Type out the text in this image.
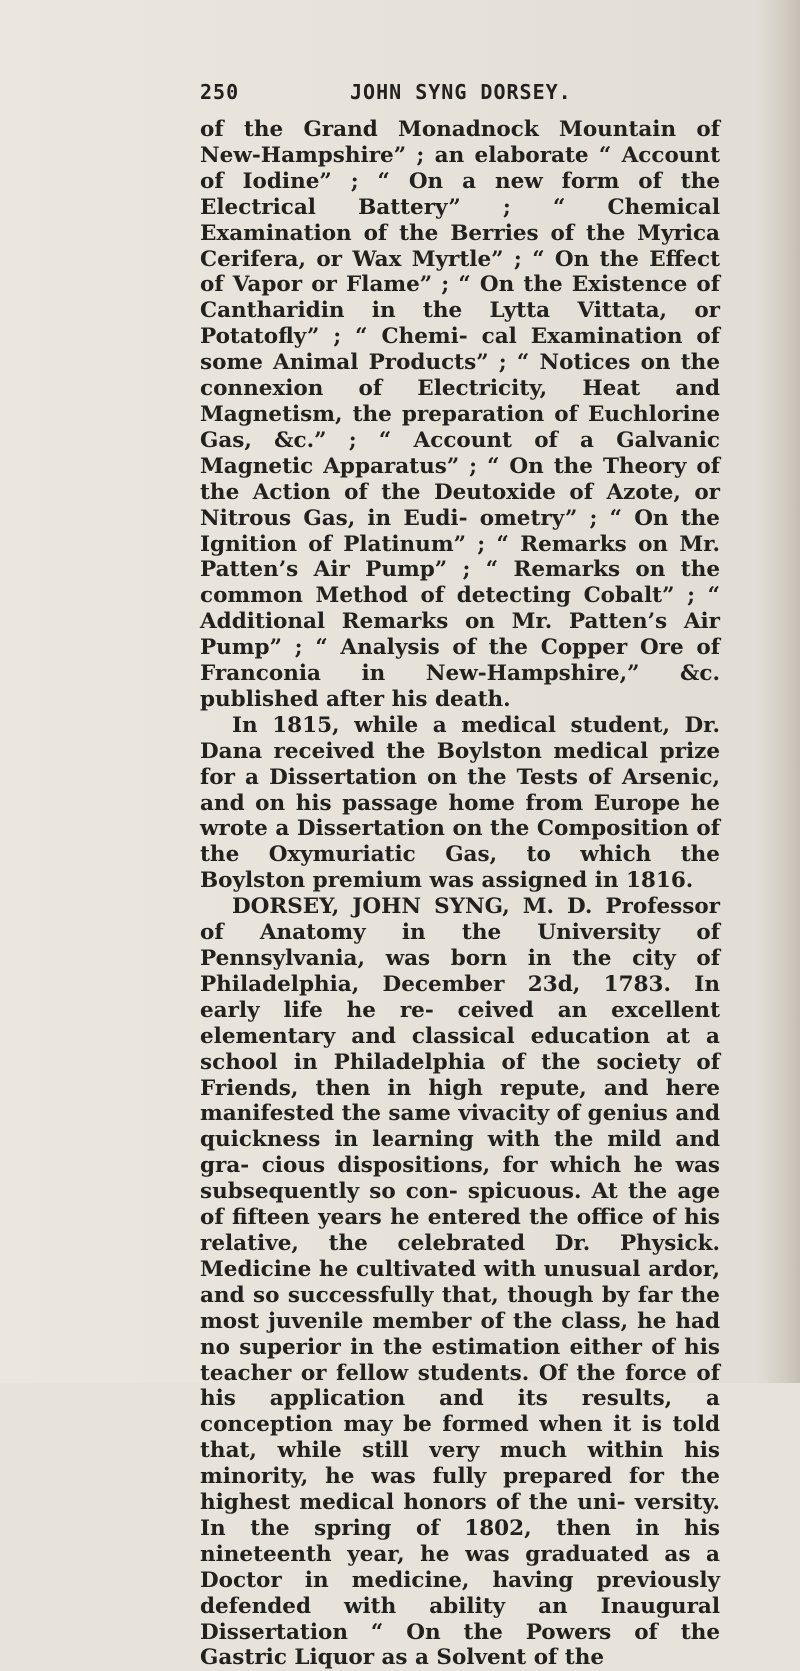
250	JOHN SYNG DORSEY.

of the Grand Monadnock Mountain of New-Hampshire” ; an elaborate “ Account of Iodine” ; “ On a new form of the Electrical Battery” ; “ Chemical Examination of the Berries of the Myrica Cerifera, or Wax Myrtle” ; “ On the Effect of Vapor or Flame” ; “ On the Existence of Cantharidin in the Lytta Vittata, or Potatofly” ; “ Chemi- cal Examination of some Animal Products” ; “ Notices on the connexion of Electricity, Heat and Magnetism, the preparation of Euchlorine Gas, &c.” ; “ Account of a Galvanic Magnetic Apparatus” ; “ On the Theory of the Action of the Deutoxide of Azote, or Nitrous Gas, in Eudi- ometry” ; “ On the Ignition of Platinum” ; “ Remarks on Mr. Patten’s Air Pump” ; “ Remarks on the common Method of detecting Cobalt” ; “ Additional Remarks on Mr. Patten’s Air Pump” ; “ Analysis of the Copper Ore of Franconia in New-Hampshire,” &c. published after his death.

In 1815, while a medical student, Dr. Dana received the Boylston medical prize for a Dissertation on the Tests of Arsenic, and on his passage home from Europe he wrote a Dissertation on the Composition of the Oxymuriatic Gas, to which the Boylston premium was assigned in 1816.

DORSEY, JOHN SYNG, M. D. Professor of Anatomy in the University of Pennsylvania, was born in the city of Philadelphia, December 23d, 1783. In early life he re- ceived an excellent elementary and classical education at a school in Philadelphia of the society of Friends, then in high repute, and here manifested the same vivacity of genius and quickness in learning with the mild and gra- cious dispositions, for which he was subsequently so con- spicuous. At the age of fifteen years he entered the office of his relative, the celebrated Dr. Physick. Medicine he cultivated with unusual ardor, and so successfully that, though by far the most juvenile member of the class, he had no superior in the estimation either of his teacher or fellow students. Of the force of his application and its results, a conception may be formed when it is told that, while still very much within his minority, he was fully prepared for the highest medical honors of the uni- versity. In the spring of 1802, then in his nineteenth year, he was graduated as a Doctor in medicine, having previously defended with ability an Inaugural Dissertation “ On the Powers of the Gastric Liquor as a Solvent of the
